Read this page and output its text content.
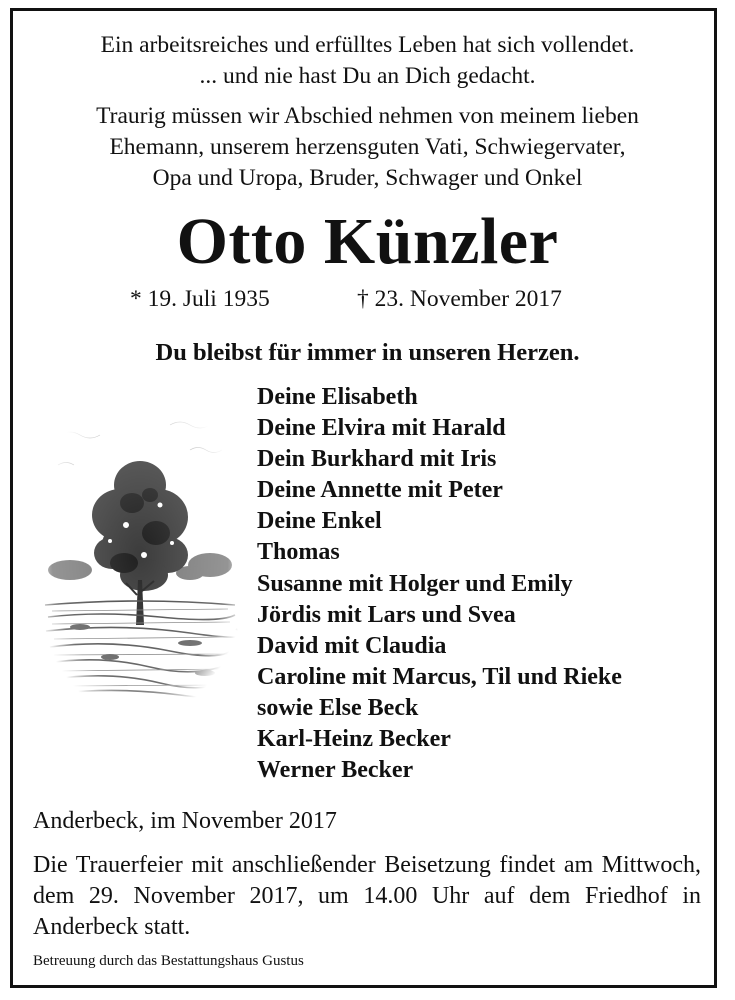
Ein arbeitsreiches und erfülltes Leben hat sich vollendet.
... und nie hast Du an Dich gedacht.
Traurig müssen wir Abschied nehmen von meinem lieben
Ehemann, unserem herzensguten Vati, Schwiegervater,
Opa und Uropa, Bruder, Schwager und Onkel
Otto Künzler
* 19. Juli 1935	† 23. November 2017
Du bleibst für immer in unseren Herzen.
Deine Elisabeth
Deine Elvira mit Harald
Dein Burkhard mit Iris
Deine Annette mit Peter
Deine Enkel
Thomas
Susanne mit Holger und Emily
Jördis mit Lars und Svea
David mit Claudia
Caroline mit Marcus, Til und Rieke
sowie Else Beck
Karl-Heinz Becker
Werner Becker
Anderbeck, im November 2017
Die Trauerfeier mit anschließender Beisetzung findet am Mittwoch, dem 29. November 2017, um 14.00 Uhr auf dem Friedhof in Anderbeck statt.
Betreuung durch das Bestattungshaus Gustus
